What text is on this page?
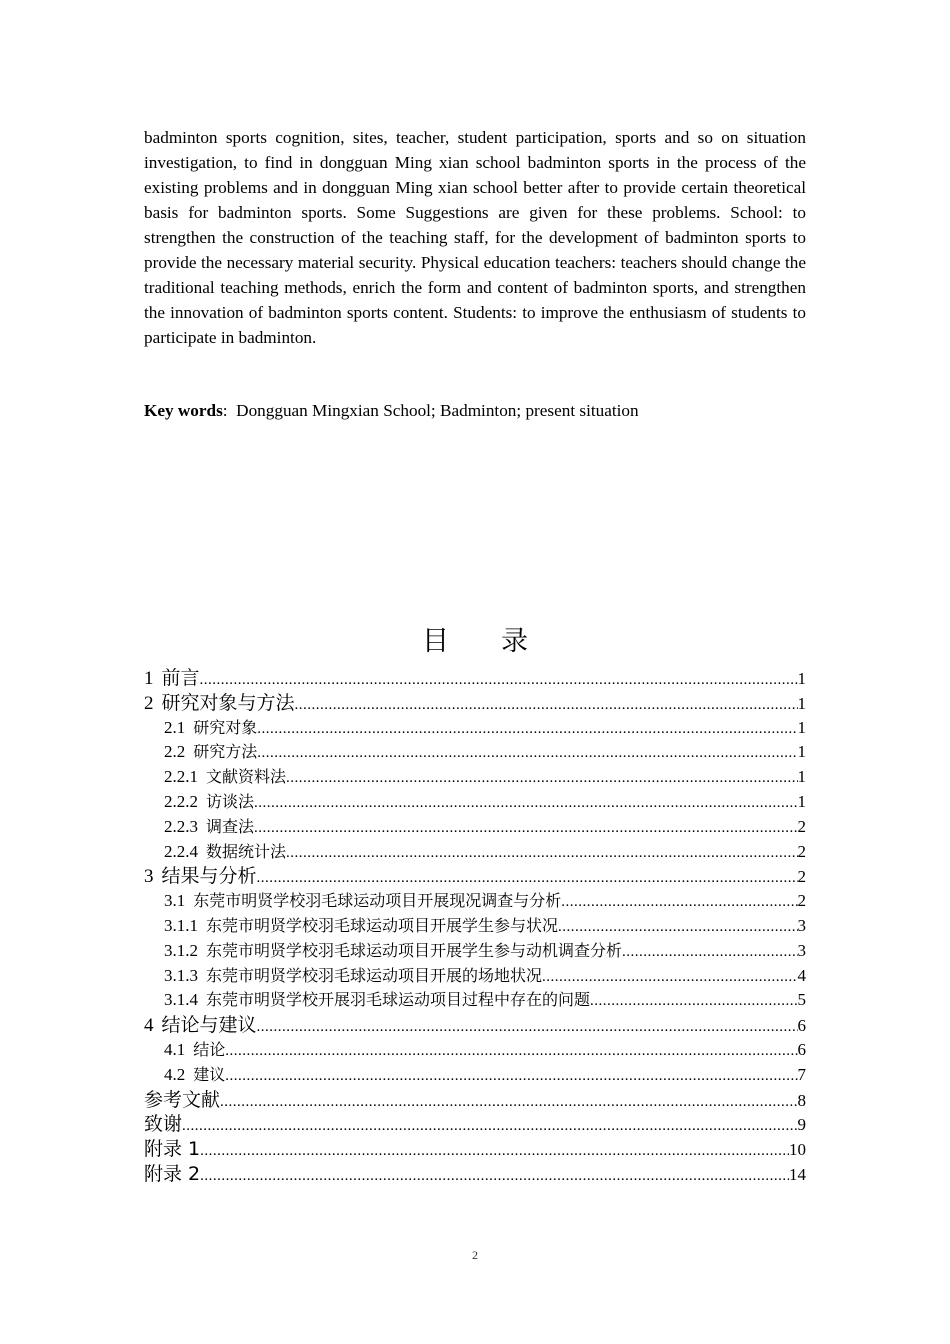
badminton sports cognition, sites, teacher, student participation, sports and so on situation investigation, to find in dongguan Ming xian school badminton sports in the process of the existing problems and in dongguan Ming xian school better after to provide certain theoretical basis for badminton sports. Some Suggestions are given for these problems. School: to strengthen the construction of the teaching staff, for the development of badminton sports to provide the necessary material security. Physical education teachers: teachers should change the traditional teaching methods, enrich the form and content of badminton sports, and strengthen the innovation of badminton sports content. Students: to improve the enthusiasm of students to participate in badminton.

Key words:  Dongguan Mingxian School; Badminton; present situation
目 录
1 前言 .....	1
2 研究对象与方法 .....	1
2.1 研究对象 .....	1
2.2 研究方法 .....	1
2.2.1 文献资料法 .....	1
2.2.2 访谈法 .....	1
2.2.3 调查法 .....	2
2.2.4 数据统计法 .....	2
3 结果与分析 .....	2
3.1 东莞市明贤学校羽毛球运动项目开展现况调查与分析 .....	2
3.1.1 东莞市明贤学校羽毛球运动项目开展学生参与状况 .....	3
3.1.2 东莞市明贤学校羽毛球运动项目开展学生参与动机调查分析 .....	3
3.1.3 东莞市明贤学校羽毛球运动项目开展的场地状况 .....	4
3.1.4 东莞市明贤学校开展羽毛球运动项目过程中存在的问题 .....	5
4 结论与建议 .....	6
4.1 结论 .....	6
4.2 建议 .....	7
参考文献 .....	8
致谢 .....	9
附录 1 .....	10
附录 2 .....	14
2
